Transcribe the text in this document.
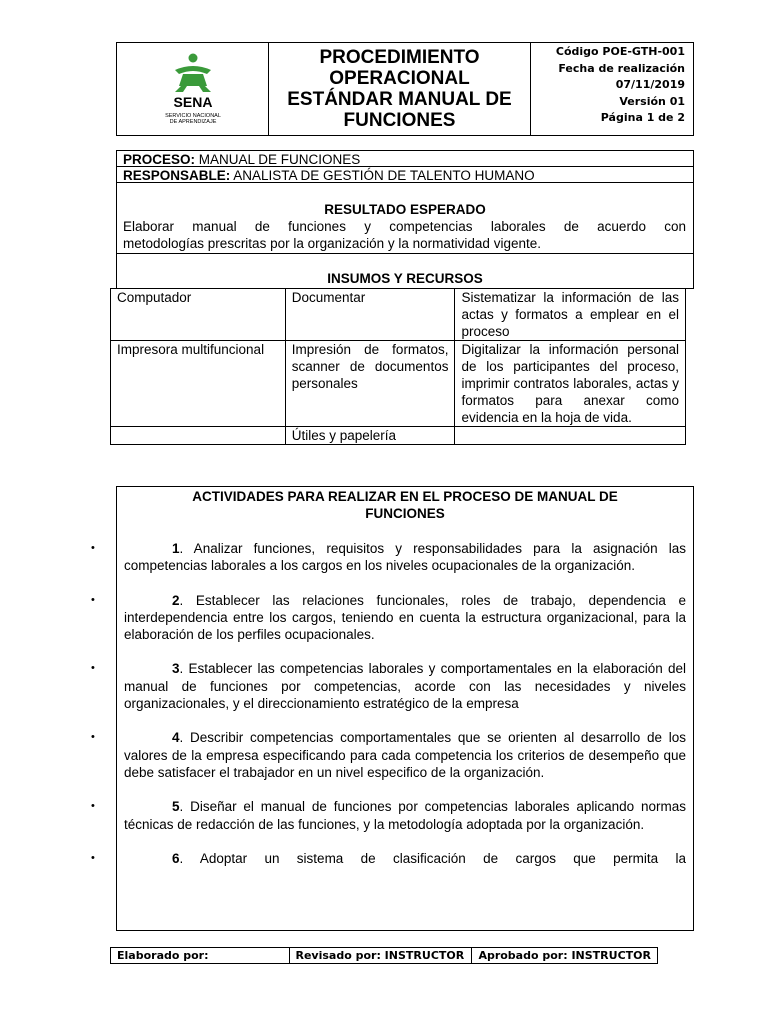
SENA
SERVICIO NACIONAL
DE APRENDIZAJE
PROCEDIMIENTO
OPERACIONAL
ESTÁNDAR MANUAL DE
FUNCIONES
Código POE-GTH-001
Fecha de realización
07/11/2019
Versión 01
Página 1 de 2
PROCESO: MANUAL DE FUNCIONES
RESPONSABLE: ANALISTA DE GESTIÓN DE TALENTO HUMANO
RESULTADO ESPERADO
Elaborar manual de funciones y competencias laborales de acuerdo con
metodologías prescritas por la organización y la normatividad vigente.
INSUMOS Y RECURSOS
Computador	Documentar	Sistematizar la información de las actas y formatos a emplear en el proceso
Impresora multifuncional	Impresión de formatos, scanner de documentos personales	Digitalizar la información personal de los participantes del proceso, imprimir contratos laborales, actas y formatos para anexar como evidencia en la hoja de vida.
	Útiles y papelería	
ACTIVIDADES PARA REALIZAR EN EL PROCESO DE MANUAL DE FUNCIONES
•	1. Analizar funciones, requisitos y responsabilidades para la asignación las competencias laborales a los cargos en los niveles ocupacionales de la organización.
•	2. Establecer las relaciones funcionales, roles de trabajo, dependencia e interdependencia entre los cargos, teniendo en cuenta la estructura organizacional, para la elaboración de los perfiles ocupacionales.
•	3. Establecer las competencias laborales y comportamentales en la elaboración del manual de funciones por competencias, acorde con las necesidades y niveles organizacionales, y el direccionamiento estratégico de la empresa
•	4. Describir competencias comportamentales que se orienten al desarrollo de los valores de la empresa especificando para cada competencia los criterios de desempeño que debe satisfacer el trabajador en un nivel especifico de la organización.
•	5. Diseñar el manual de funciones por competencias laborales aplicando normas técnicas de redacción de las funciones, y la metodología adoptada por la organización.
•	6. Adoptar un sistema de clasificación de cargos que permita la
Elaborado por:	Revisado por: INSTRUCTOR	Aprobado por: INSTRUCTOR
